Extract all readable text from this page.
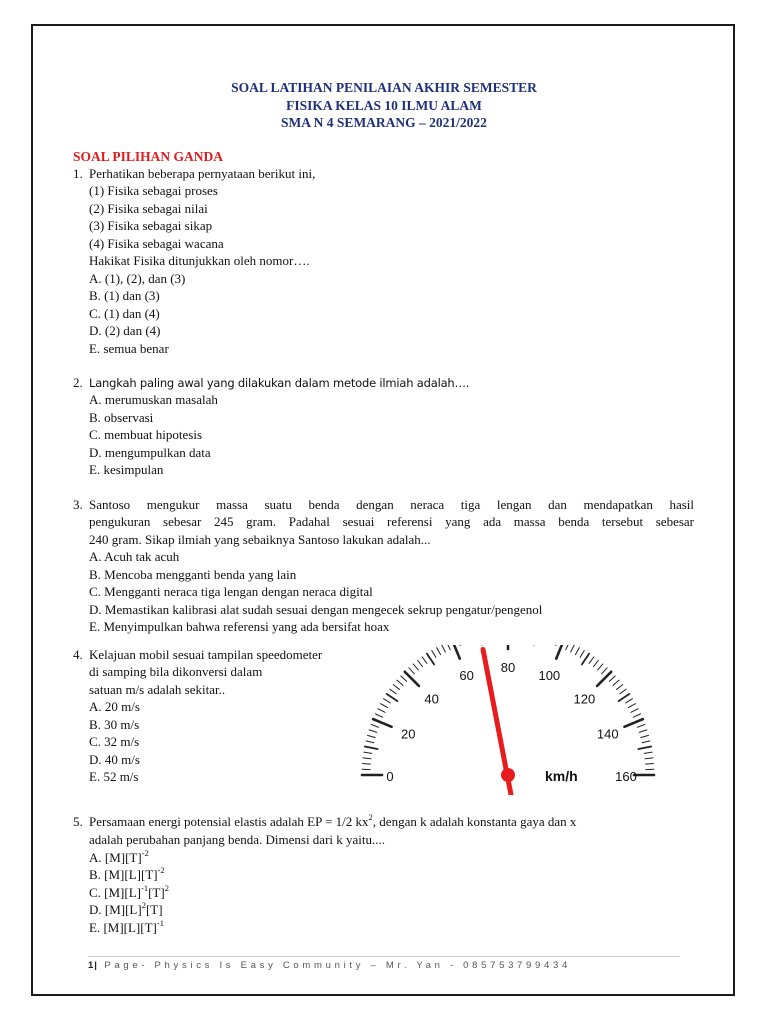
SOAL LATIHAN PENILAIAN AKHIR SEMESTER
FISIKA KELAS 10 ILMU ALAM
SMA N 4 SEMARANG – 2021/2022
SOAL PILIHAN GANDA
1. Perhatikan beberapa pernyataan berikut ini,
(1) Fisika sebagai proses
(2) Fisika sebagai nilai
(3) Fisika sebagai sikap
(4) Fisika sebagai wacana
Hakikat Fisika ditunjukkan oleh nomor….
A. (1), (2), dan (3)
B. (1) dan (3)
C. (1) dan (4)
D. (2) dan (4)
E. semua benar
2. Langkah paling awal yang dilakukan dalam metode ilmiah adalah….
A. merumuskan masalah
B. observasi
C. membuat hipotesis
D. mengumpulkan data
E. kesimpulan
3. Santoso mengukur massa suatu benda dengan neraca tiga lengan dan mendapatkan hasil
pengukuran sebesar 245 gram. Padahal sesuai referensi yang ada massa benda tersebut sebesar
240 gram. Sikap ilmiah yang sebaiknya Santoso lakukan adalah...
A. Acuh tak acuh
B. Mencoba mengganti benda yang lain
C. Mengganti neraca tiga lengan dengan neraca digital
D. Memastikan kalibrasi alat sudah sesuai dengan mengecek sekrup pengatur/pengenol
E. Menyimpulkan bahwa referensi yang ada bersifat hoax
4. Kelajuan mobil sesuai tampilan speedometer
di samping bila dikonversi dalam
satuan m/s adalah sekitar..
A. 20 m/s
B. 30 m/s
C. 32 m/s
D. 40 m/s
E. 52 m/s	0
20
40
60
80
100
120
140
160
km/h
5. Persamaan energi potensial elastis adalah EP = 1/2 $kx^2$, dengan k adalah konstanta gaya dan x
adalah perubahan panjang benda. Dimensi dari k yaitu....
A. $[M][T]^{-2}$
B. $[M][L][T]^{-2}$
C. $[M][L]^{-1}[T]^2$
D. $[M][L]^2[T]$
E. $[M][L][T]^{-1}$
1| Page- Physics Is Easy Community – Mr. Yan - 085753799434
